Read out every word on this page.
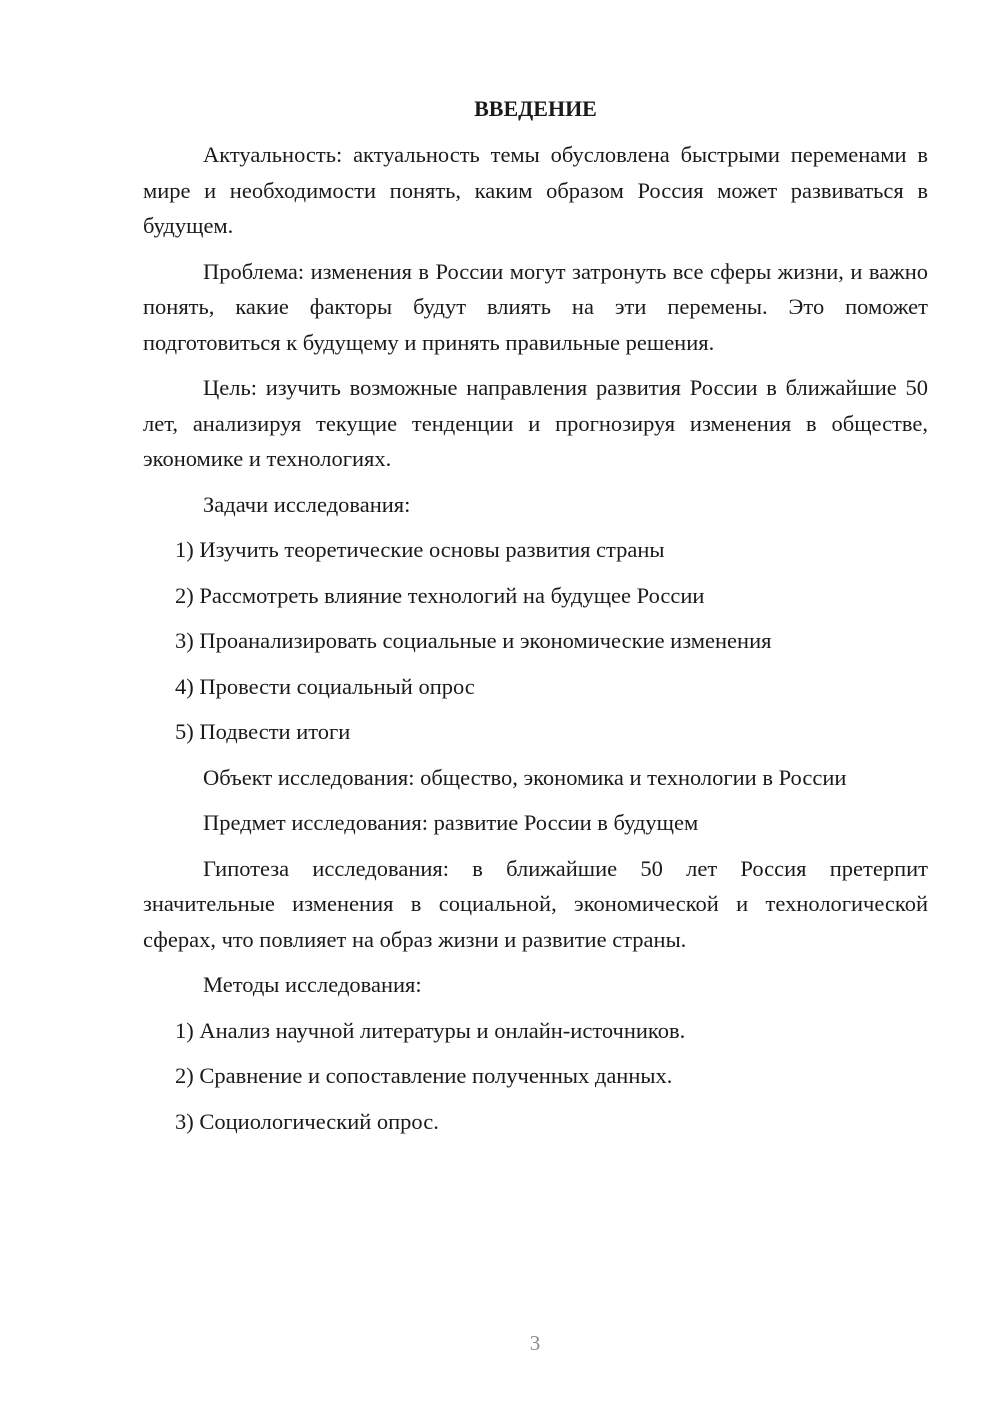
ВВЕДЕНИЕ

Актуальность: актуальность темы обусловлена быстрыми переменами в мире и необходимости понять, каким образом Россия может развиваться в будущем.

Проблема: изменения в России могут затронуть все сферы жизни, и важно понять, какие факторы будут влиять на эти перемены. Это поможет подготовиться к будущему и принять правильные решения.

Цель: изучить возможные направления развития России в ближайшие 50 лет, анализируя текущие тенденции и прогнозируя изменения в обществе, экономике и технологиях.

Задачи исследования:

1) Изучить теоретические основы развития страны
2) Рассмотреть влияние технологий на будущее России
3) Проанализировать социальные и экономические изменения
4) Провести социальный опрос
5) Подвести итоги

Объект исследования: общество, экономика и технологии в России

Предмет исследования: развитие России в будущем

Гипотеза исследования: в ближайшие 50 лет Россия претерпит значительные изменения в социальной, экономической и технологической сферах, что повлияет на образ жизни и развитие страны.

Методы исследования:

1) Анализ научной литературы и онлайн-источников.
2) Сравнение и сопоставление полученных данных.
3) Социологический опрос.
3
